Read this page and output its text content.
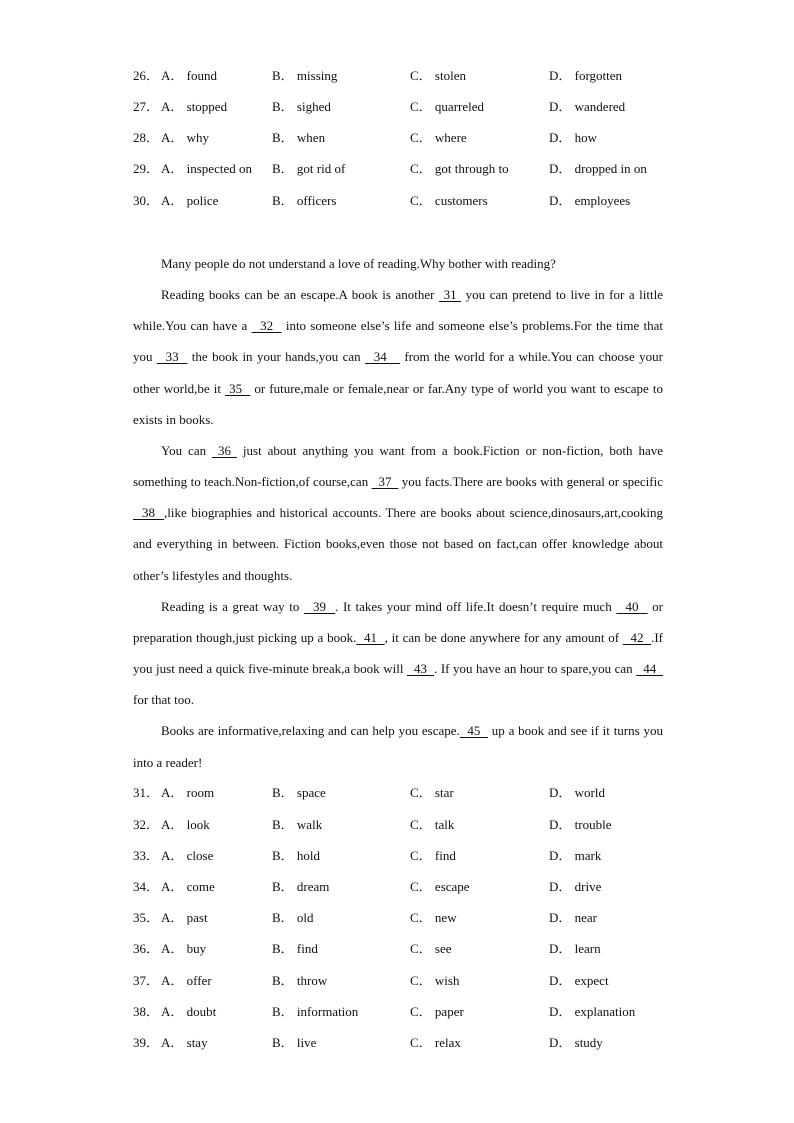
26． A． found	B． missing	C． stolen	D． forgotten
27． A． stopped	B． sighed	C． quarreled	D． wandered
28． A． why	B． when	C． where	D． how
29． A． inspected on B． got rid of	C． got through to	D． dropped in on
30． A． police	B． officers	C． customers	D． employees

Many people do not understand a love of reading.Why bother with reading?

Reading books can be an escape.A book is another  31  you can pretend to live in for a little while.You can have a   32   into someone else’s life and someone else’s problems.For the time that you   33   the book in your hands,you can   34    from the world for a while.You can choose your other world,be it  35   or future,male or female,near or far.Any type of world you want to escape to exists in books.

You can  36  just about anything you want from a book.Fiction or non-fiction, both have something to teach.Non-fiction,of course,can   37   you facts.There are books with general or specific   38  ,like biographies and historical accounts. There are books about science,dinosaurs,art,cooking and everything in between. Fiction books,even those not based on fact,can offer knowledge about other’s lifestyles and thoughts.

Reading is a great way to   39  . It takes your mind off life.It doesn’t require much   40   or preparation though,just picking up a book.  41  , it can be done anywhere for any amount of   42  .If you just need a quick five-minute break,a book will   43  . If you have an hour to spare,you can   44   for that too.

Books are informative,relaxing and can help you escape.  45   up a book and see if it turns you into a reader!

31． A． room	B． space	C． star	D． world
32． A． look	B． walk	C． talk	D． trouble
33． A． close	B． hold	C． find	D． mark
34． A． come	B． dream	C． escape	D． drive
35． A． past	B． old	C． new	D． near
36． A． buy	B． find	C． see	D． learn
37． A． offer	B． throw	C． wish	D． expect
38． A． doubt	B． information	C． paper	D． explanation
39． A． stay	B． live	C． relax	D． study
